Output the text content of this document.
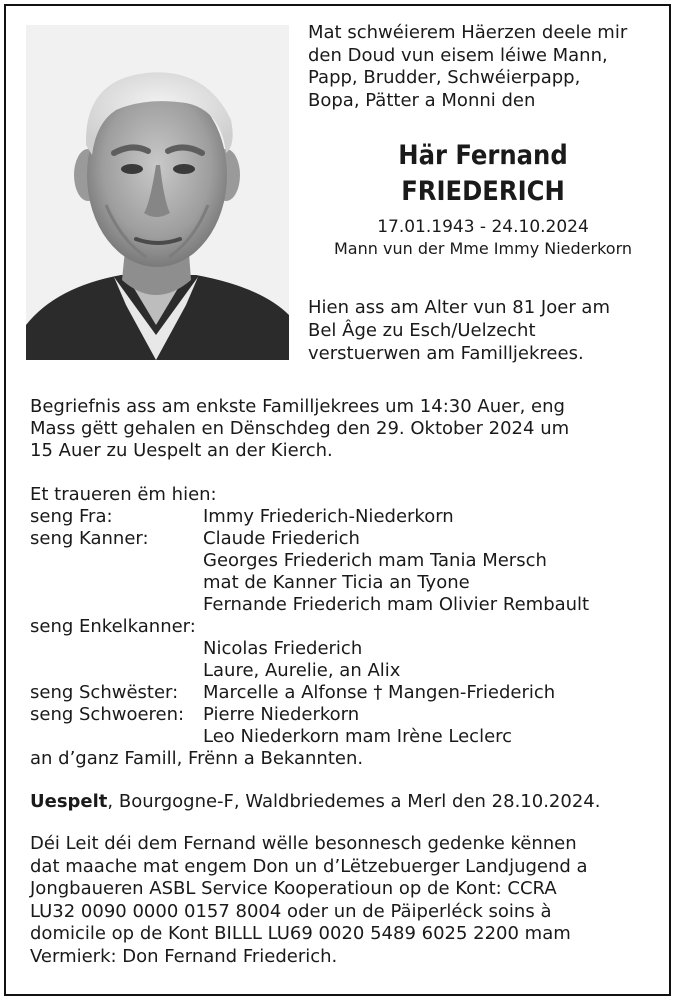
Mat schwéierem Häerzen deele mir
den Doud vun eisem léiwe Mann,
Papp, Brudder, Schwéierpapp,
Bopa, Pätter a Monni den
Här Fernand
FRIEDERICH
17.01.1943 - 24.10.2024
Mann vun der Mme Immy Niederkorn
Hien ass am Alter vun 81 Joer am
Bel Âge zu Esch/Uelzecht
verstuerwen am Familljekrees.
Begriefnis ass am enkste Familljekrees um 14:30 Auer, eng
Mass gëtt gehalen en Dënschdeg den 29. Oktober 2024 um
15 Auer zu Uespelt an der Kierch.
Et traueren ëm hien:
seng Fra:	Immy Friederich-Niederkorn
seng Kanner:	Claude Friederich
Georges Friederich mam Tania Mersch
mat de Kanner Ticia an Tyone
Fernande Friederich mam Olivier Rembault
seng Enkelkanner:
Nicolas Friederich
Laure, Aurelie, an Alix
seng Schwëster:	Marcelle a Alfonse † Mangen-Friederich
seng Schwoeren:	Pierre Niederkorn
Leo Niederkorn mam Irène Leclerc
an d’ganz Famill, Frënn a Bekannten.

Uespelt, Bourgogne-F, Waldbriedemes a Merl den 28.10.2024.

Déi Leit déi dem Fernand wëlle besonnesch gedenke kënnen
dat maache mat engem Don un d’Lëtzebuerger Landjugend a
Jongbaueren ASBL Service Kooperatioun op de Kont: CCRA
LU32 0090 0000 0157 8004 oder un de Päiperléck soins à
domicile op de Kont BILLL LU69 0020 5489 6025 2200 mam
Vermierk: Don Fernand Friederich.
